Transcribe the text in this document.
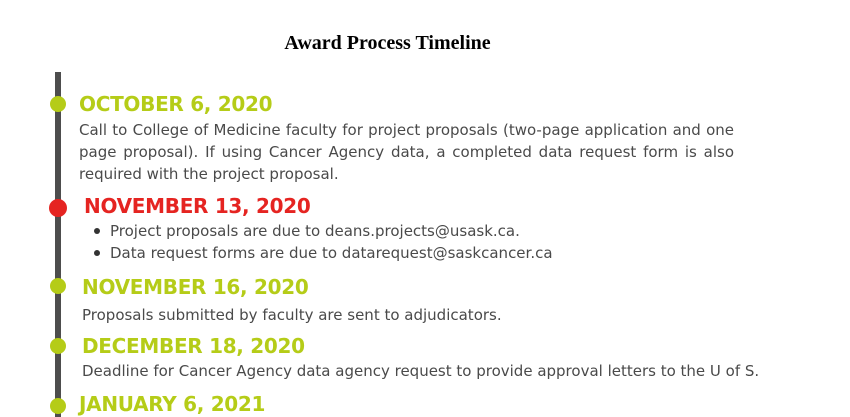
Award Process Timeline
OCTOBER 6, 2020
Call to College of Medicine faculty for project proposals (two-page application and one page proposal). If using Cancer Agency data, a completed data request form is also required with the project proposal.
NOVEMBER 13, 2020
Project proposals are due to deans.projects@usask.ca.
Data request forms are due to datarequest@saskcancer.ca
NOVEMBER 16, 2020
Proposals submitted by faculty are sent to adjudicators.
DECEMBER 18, 2020
Deadline for Cancer Agency data agency request to provide approval letters to the U of S.
JANUARY 6, 2021
